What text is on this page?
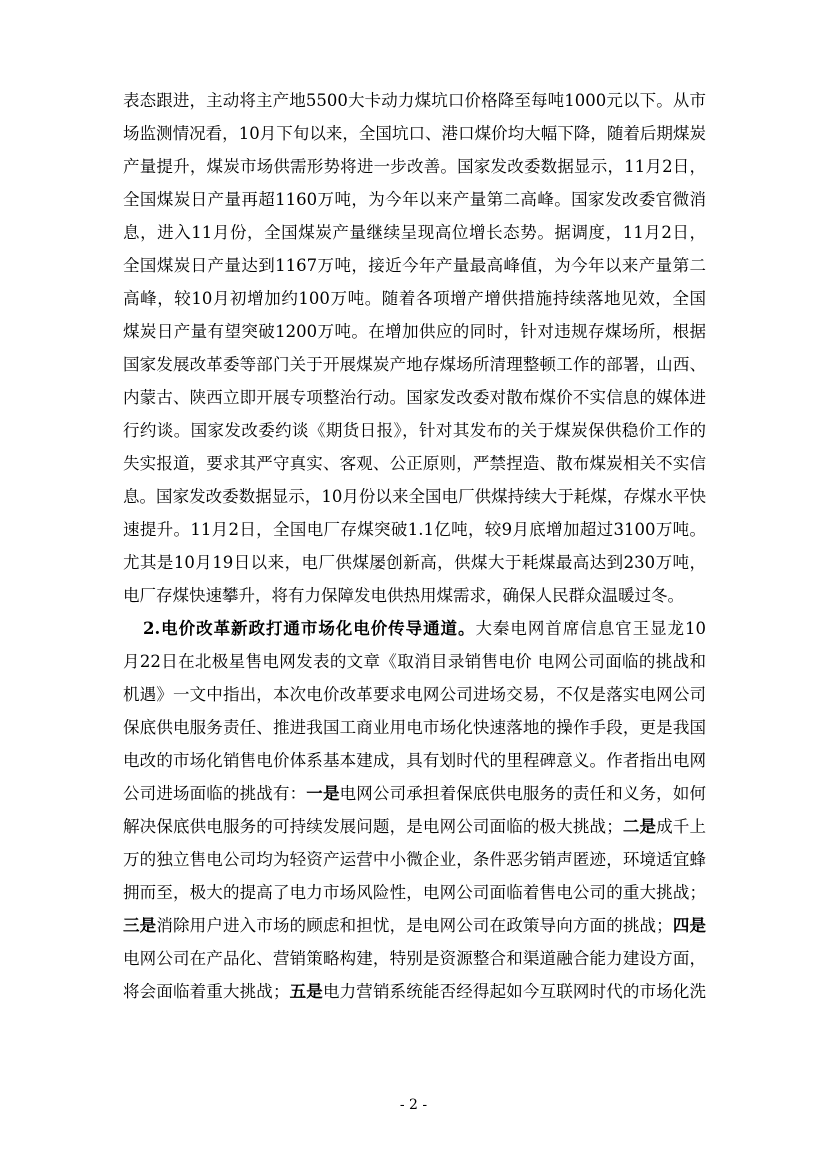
表态跟进，主动将主产地5500大卡动力煤坑口价格降至每吨1000元以下。从市
场监测情况看，10月下旬以来，全国坑口、港口煤价均大幅下降，随着后期煤炭
产量提升，煤炭市场供需形势将进一步改善。国家发改委数据显示，11月2日，
全国煤炭日产量再超1160万吨，为今年以来产量第二高峰。国家发改委官微消
息，进入11月份，全国煤炭产量继续呈现高位增长态势。据调度，11月2日，
全国煤炭日产量达到1167万吨，接近今年产量最高峰值，为今年以来产量第二
高峰，较10月初增加约100万吨。随着各项增产增供措施持续落地见效，全国
煤炭日产量有望突破1200万吨。在增加供应的同时，针对违规存煤场所，根据
国家发展改革委等部门关于开展煤炭产地存煤场所清理整顿工作的部署，山西、
内蒙古、陕西立即开展专项整治行动。国家发改委对散布煤价不实信息的媒体进
行约谈。国家发改委约谈《期货日报》，针对其发布的关于煤炭保供稳价工作的
失实报道，要求其严守真实、客观、公正原则，严禁捏造、散布煤炭相关不实信
息。国家发改委数据显示，10月份以来全国电厂供煤持续大于耗煤，存煤水平快
速提升。11月2日，全国电厂存煤突破1.1亿吨，较9月底增加超过3100万吨。
尤其是10月19日以来，电厂供煤屡创新高，供煤大于耗煤最高达到230万吨，
电厂存煤快速攀升，将有力保障发电供热用煤需求，确保人民群众温暖过冬。
2.电价改革新政打通市场化电价传导通道。大秦电网首席信息官王显龙10
月22日在北极星售电网发表的文章《取消目录销售电价 电网公司面临的挑战和
机遇》一文中指出，本次电价改革要求电网公司进场交易，不仅是落实电网公司
保底供电服务责任、推进我国工商业用电市场化快速落地的操作手段，更是我国
电改的市场化销售电价体系基本建成，具有划时代的里程碑意义。作者指出电网
公司进场面临的挑战有：一是电网公司承担着保底供电服务的责任和义务，如何
解决保底供电服务的可持续发展问题，是电网公司面临的极大挑战；二是成千上
万的独立售电公司均为轻资产运营中小微企业，条件恶劣销声匿迹，环境适宜蜂
拥而至，极大的提高了电力市场风险性，电网公司面临着售电公司的重大挑战；
三是消除用户进入市场的顾虑和担忧，是电网公司在政策导向方面的挑战；四是
电网公司在产品化、营销策略构建，特别是资源整合和渠道融合能力建设方面，
将会面临着重大挑战；五是电力营销系统能否经得起如今互联网时代的市场化洗
- 2 -
